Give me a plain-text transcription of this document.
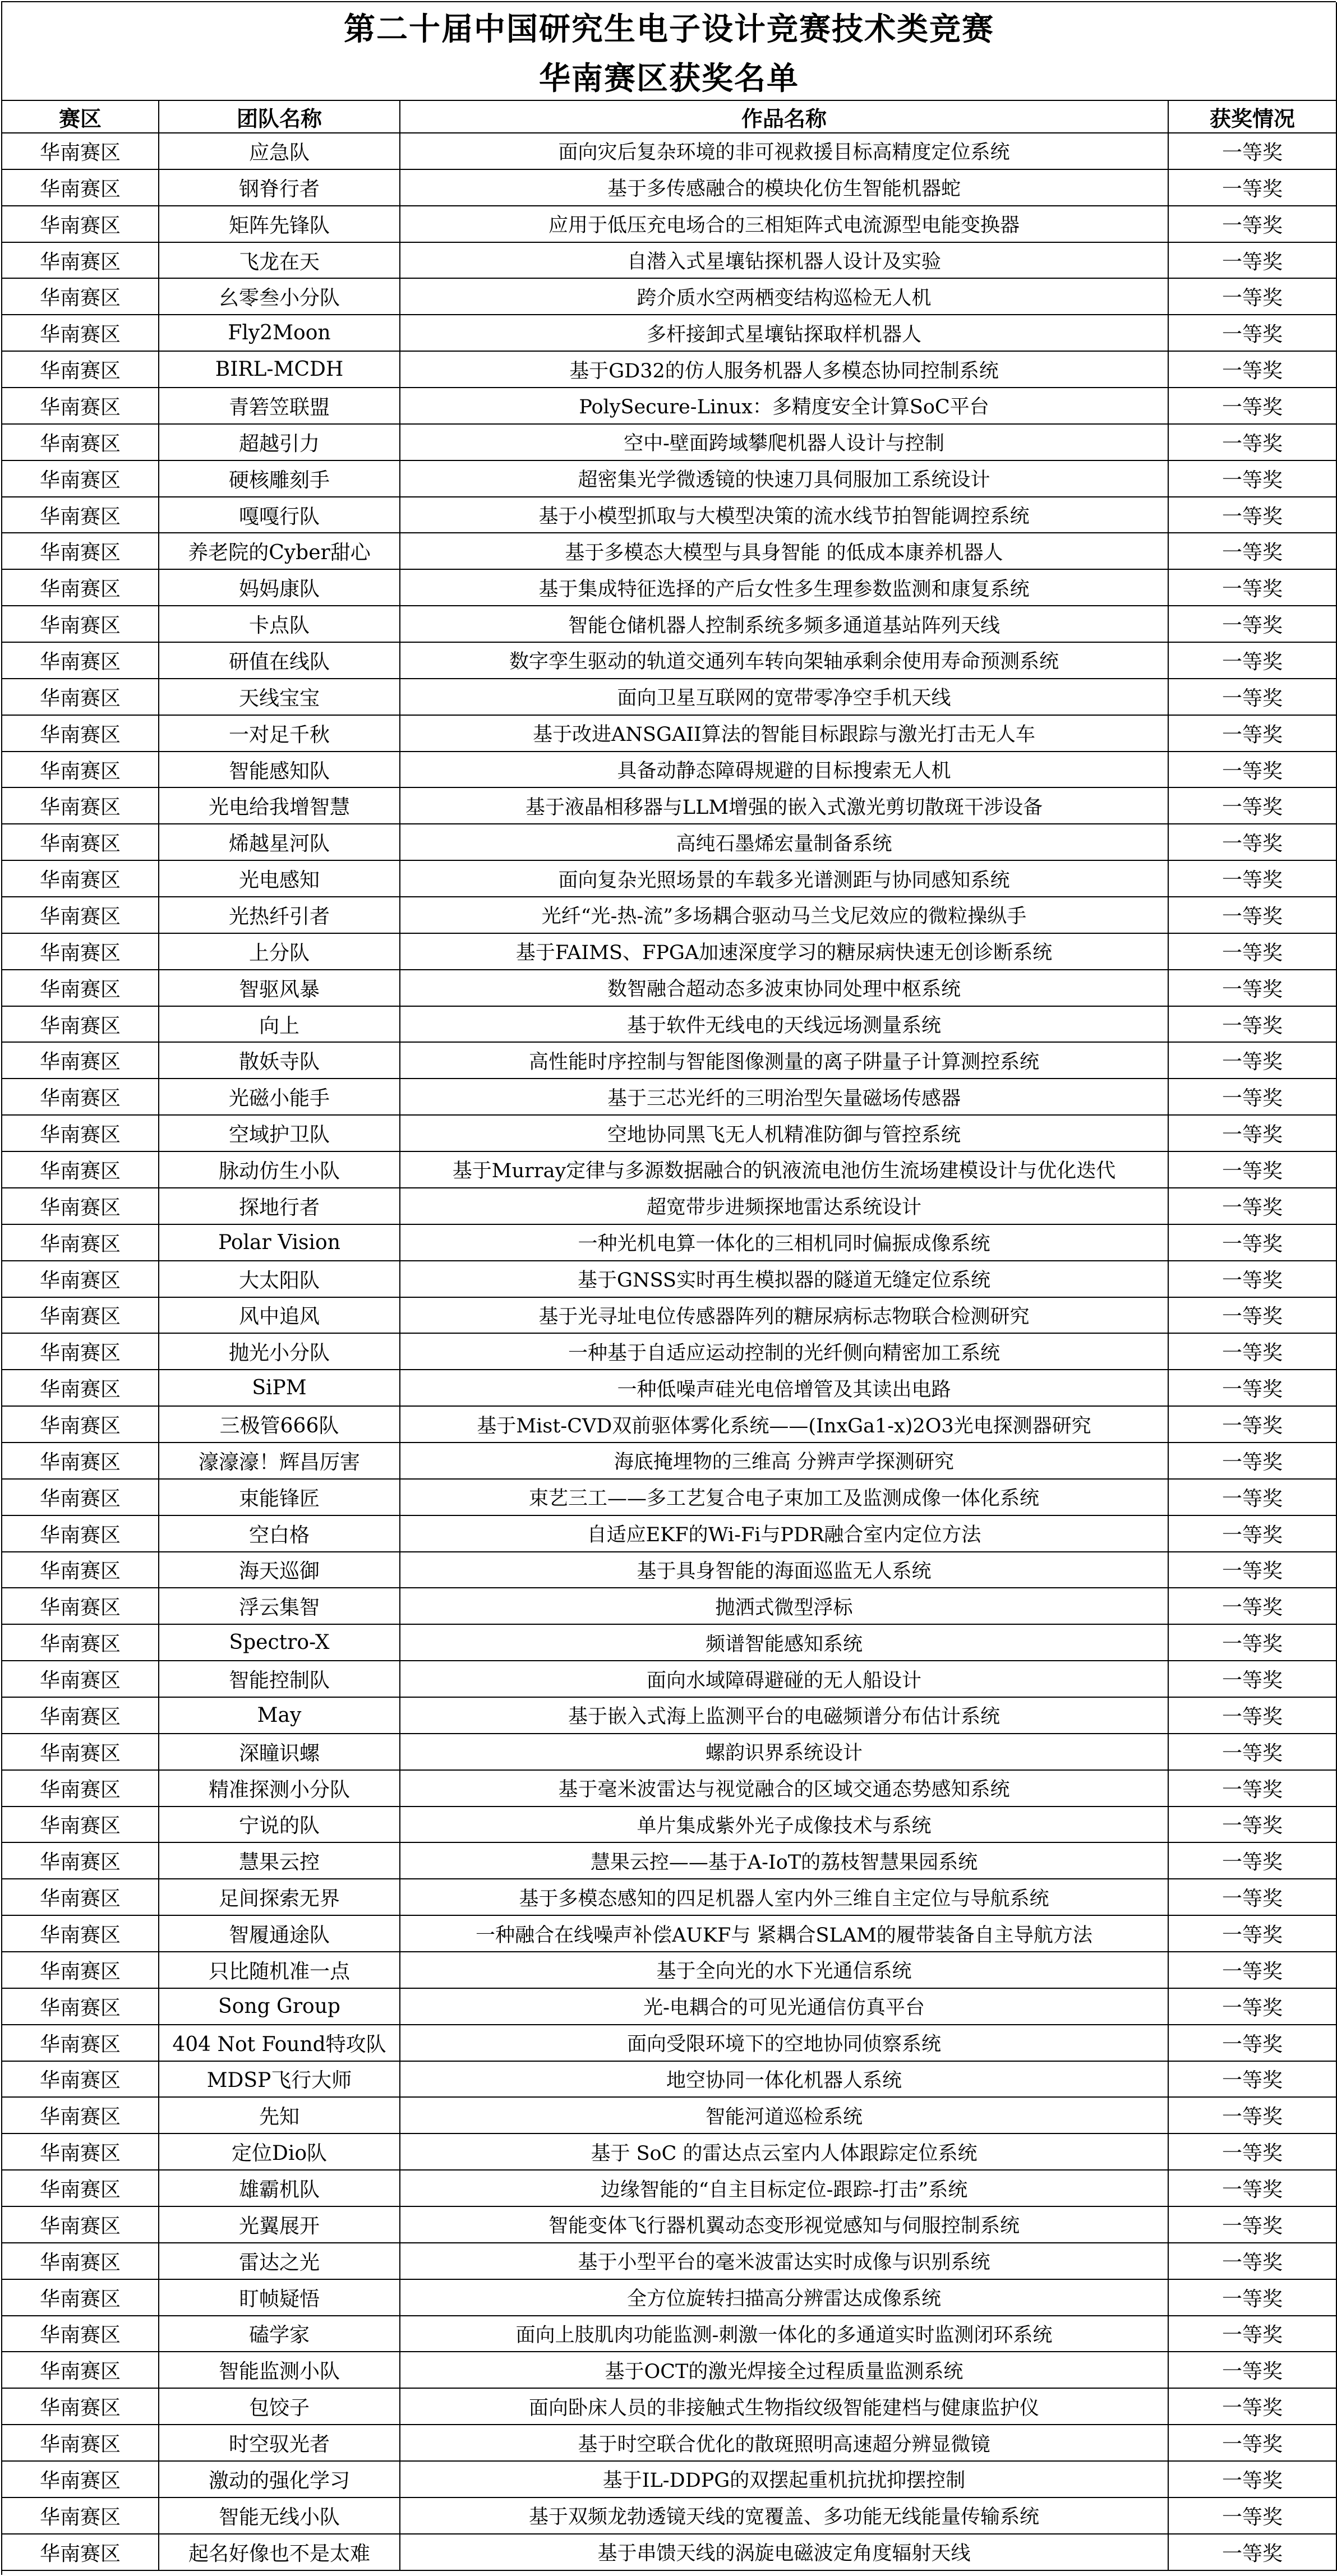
第二十届中国研究生电子设计竞赛技术类竞赛
华南赛区获奖名单
赛区	团队名称	作品名称	获奖情况
华南赛区	应急队	面向灾后复杂环境的非可视救援目标高精度定位系统	一等奖
华南赛区	钢脊行者	基于多传感融合的模块化仿生智能机器蛇	一等奖
华南赛区	矩阵先锋队	应用于低压充电场合的三相矩阵式电流源型电能变换器	一等奖
华南赛区	飞龙在天	自潜入式星壤钻探机器人设计及实验	一等奖
华南赛区	幺零叁小分队	跨介质水空两栖变结构巡检无人机	一等奖
华南赛区	Fly2Moon	多杆接卸式星壤钻探取样机器人	一等奖
华南赛区	BIRL-MCDH	基于GD32的仿人服务机器人多模态协同控制系统	一等奖
华南赛区	青箬笠联盟	PolySecure-Linux：多精度安全计算SoC平台	一等奖
华南赛区	超越引力	空中-壁面跨域攀爬机器人设计与控制	一等奖
华南赛区	硬核雕刻手	超密集光学微透镜的快速刀具伺服加工系统设计	一等奖
华南赛区	嘎嘎行队	基于小模型抓取与大模型决策的流水线节拍智能调控系统	一等奖
华南赛区	养老院的Cyber甜心	基于多模态大模型与具身智能 的低成本康养机器人	一等奖
华南赛区	妈妈康队	基于集成特征选择的产后女性多生理参数监测和康复系统	一等奖
华南赛区	卡点队	智能仓储机器人控制系统多频多通道基站阵列天线	一等奖
华南赛区	研值在线队	数字孪生驱动的轨道交通列车转向架轴承剩余使用寿命预测系统	一等奖
华南赛区	天线宝宝	面向卫星互联网的宽带零净空手机天线	一等奖
华南赛区	一对足千秋	基于改进ANSGAII算法的智能目标跟踪与激光打击无人车	一等奖
华南赛区	智能感知队	具备动静态障碍规避的目标搜索无人机	一等奖
华南赛区	光电给我增智慧	基于液晶相移器与LLM增强的嵌入式激光剪切散斑干涉设备	一等奖
华南赛区	烯越星河队	高纯石墨烯宏量制备系统	一等奖
华南赛区	光电感知	面向复杂光照场景的车载多光谱测距与协同感知系统	一等奖
华南赛区	光热纤引者	光纤“光-热-流”多场耦合驱动马兰戈尼效应的微粒操纵手	一等奖
华南赛区	上分队	基于FAIMS、FPGA加速深度学习的糖尿病快速无创诊断系统	一等奖
华南赛区	智驱风暴	数智融合超动态多波束协同处理中枢系统	一等奖
华南赛区	向上	基于软件无线电的天线远场测量系统	一等奖
华南赛区	散妖寺队	高性能时序控制与智能图像测量的离子阱量子计算测控系统	一等奖
华南赛区	光磁小能手	基于三芯光纤的三明治型矢量磁场传感器	一等奖
华南赛区	空域护卫队	空地协同黑飞无人机精准防御与管控系统	一等奖
华南赛区	脉动仿生小队	基于Murray定律与多源数据融合的钒液流电池仿生流场建模设计与优化迭代	一等奖
华南赛区	探地行者	超宽带步进频探地雷达系统设计	一等奖
华南赛区	Polar Vision	一种光机电算一体化的三相机同时偏振成像系统	一等奖
华南赛区	大太阳队	基于GNSS实时再生模拟器的隧道无缝定位系统	一等奖
华南赛区	风中追风	基于光寻址电位传感器阵列的糖尿病标志物联合检测研究	一等奖
华南赛区	抛光小分队	一种基于自适应运动控制的光纤侧向精密加工系统	一等奖
华南赛区	SiPM	一种低噪声硅光电倍增管及其读出电路	一等奖
华南赛区	三极管666队	基于Mist-CVD双前驱体雾化系统——(InxGa1-x)2O3光电探测器研究	一等奖
华南赛区	濠濠濠！辉昌厉害	海底掩埋物的三维高 分辨声学探测研究	一等奖
华南赛区	束能锋匠	束艺三工——多工艺复合电子束加工及监测成像一体化系统	一等奖
华南赛区	空白格	自适应EKF的Wi-Fi与PDR融合室内定位方法	一等奖
华南赛区	海天巡御	基于具身智能的海面巡监无人系统	一等奖
华南赛区	浮云集智	抛洒式微型浮标	一等奖
华南赛区	Spectro-X	频谱智能感知系统	一等奖
华南赛区	智能控制队	面向水域障碍避碰的无人船设计	一等奖
华南赛区	May	基于嵌入式海上监测平台的电磁频谱分布估计系统	一等奖
华南赛区	深瞳识螺	螺韵识界系统设计	一等奖
华南赛区	精准探测小分队	基于毫米波雷达与视觉融合的区域交通态势感知系统	一等奖
华南赛区	宁说的队	单片集成紫外光子成像技术与系统	一等奖
华南赛区	慧果云控	慧果云控——基于A-IoT的荔枝智慧果园系统	一等奖
华南赛区	足间探索无界	基于多模态感知的四足机器人室内外三维自主定位与导航系统	一等奖
华南赛区	智履通途队	一种融合在线噪声补偿AUKF与 紧耦合SLAM的履带装备自主导航方法	一等奖
华南赛区	只比随机准一点	基于全向光的水下光通信系统	一等奖
华南赛区	Song Group	光-电耦合的可见光通信仿真平台	一等奖
华南赛区	404 Not Found特攻队	面向受限环境下的空地协同侦察系统	一等奖
华南赛区	MDSP飞行大师	地空协同一体化机器人系统	一等奖
华南赛区	先知	智能河道巡检系统	一等奖
华南赛区	定位Dio队	基于 SoC 的雷达点云室内人体跟踪定位系统	一等奖
华南赛区	雄霸机队	边缘智能的“自主目标定位-跟踪-打击”系统	一等奖
华南赛区	光翼展开	智能变体飞行器机翼动态变形视觉感知与伺服控制系统	一等奖
华南赛区	雷达之光	基于小型平台的毫米波雷达实时成像与识别系统	一等奖
华南赛区	盯帧疑悟	全方位旋转扫描高分辨雷达成像系统	一等奖
华南赛区	磕学家	面向上肢肌肉功能监测-刺激一体化的多通道实时监测闭环系统	一等奖
华南赛区	智能监测小队	基于OCT的激光焊接全过程质量监测系统	一等奖
华南赛区	包饺子	面向卧床人员的非接触式生物指纹级智能建档与健康监护仪	一等奖
华南赛区	时空驭光者	基于时空联合优化的散斑照明高速超分辨显微镜	一等奖
华南赛区	激动的强化学习	基于IL-DDPG的双摆起重机抗扰抑摆控制	一等奖
华南赛区	智能无线小队	基于双频龙勃透镜天线的宽覆盖、多功能无线能量传输系统	一等奖
华南赛区	起名好像也不是太难	基于串馈天线的涡旋电磁波定角度辐射天线	一等奖
